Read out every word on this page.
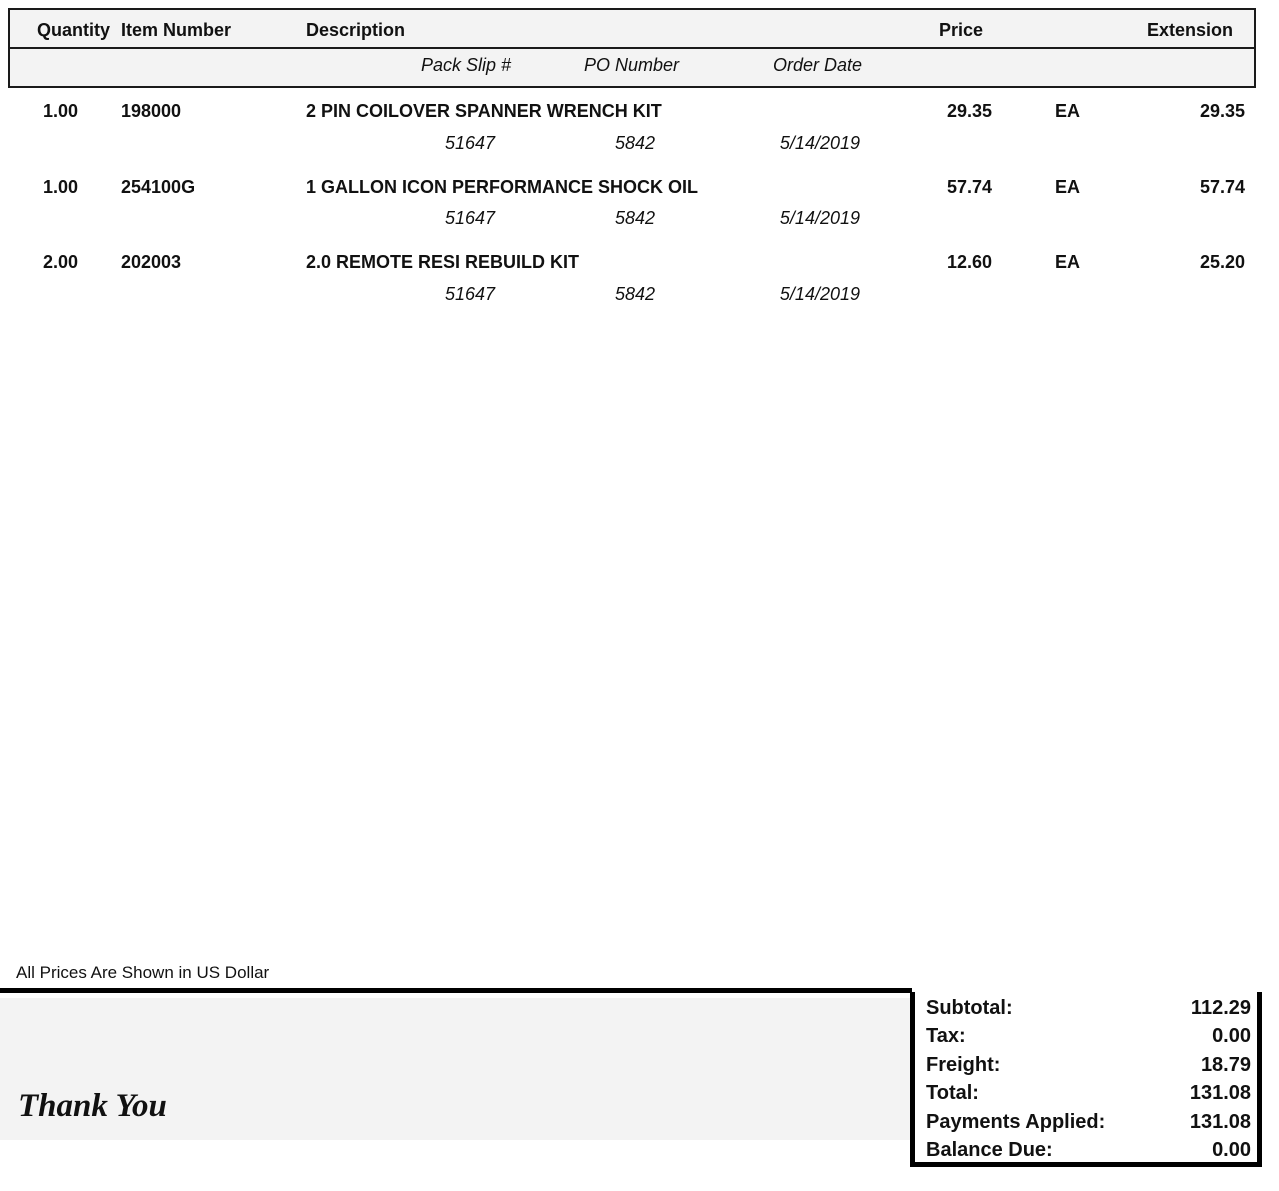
Quantity Item Number	Description	Price	Extension
Pack Slip #	PO Number	Order Date
1.00 198000	2 PIN COILOVER SPANNER WRENCH KIT	29.35	EA	29.35
51647	5842	5/14/2019
1.00 254100G	1 GALLON ICON PERFORMANCE SHOCK OIL	57.74	EA	57.74
51647	5842	5/14/2019
2.00 202003	2.0 REMOTE RESI REBUILD KIT	12.60	EA	25.20
51647	5842	5/14/2019
All Prices Are Shown in US Dollar
Thank You
Subtotal:	112.29
Tax:	0.00
Freight:	18.79
Total:	131.08
Payments Applied:	131.08
Balance Due:	0.00
